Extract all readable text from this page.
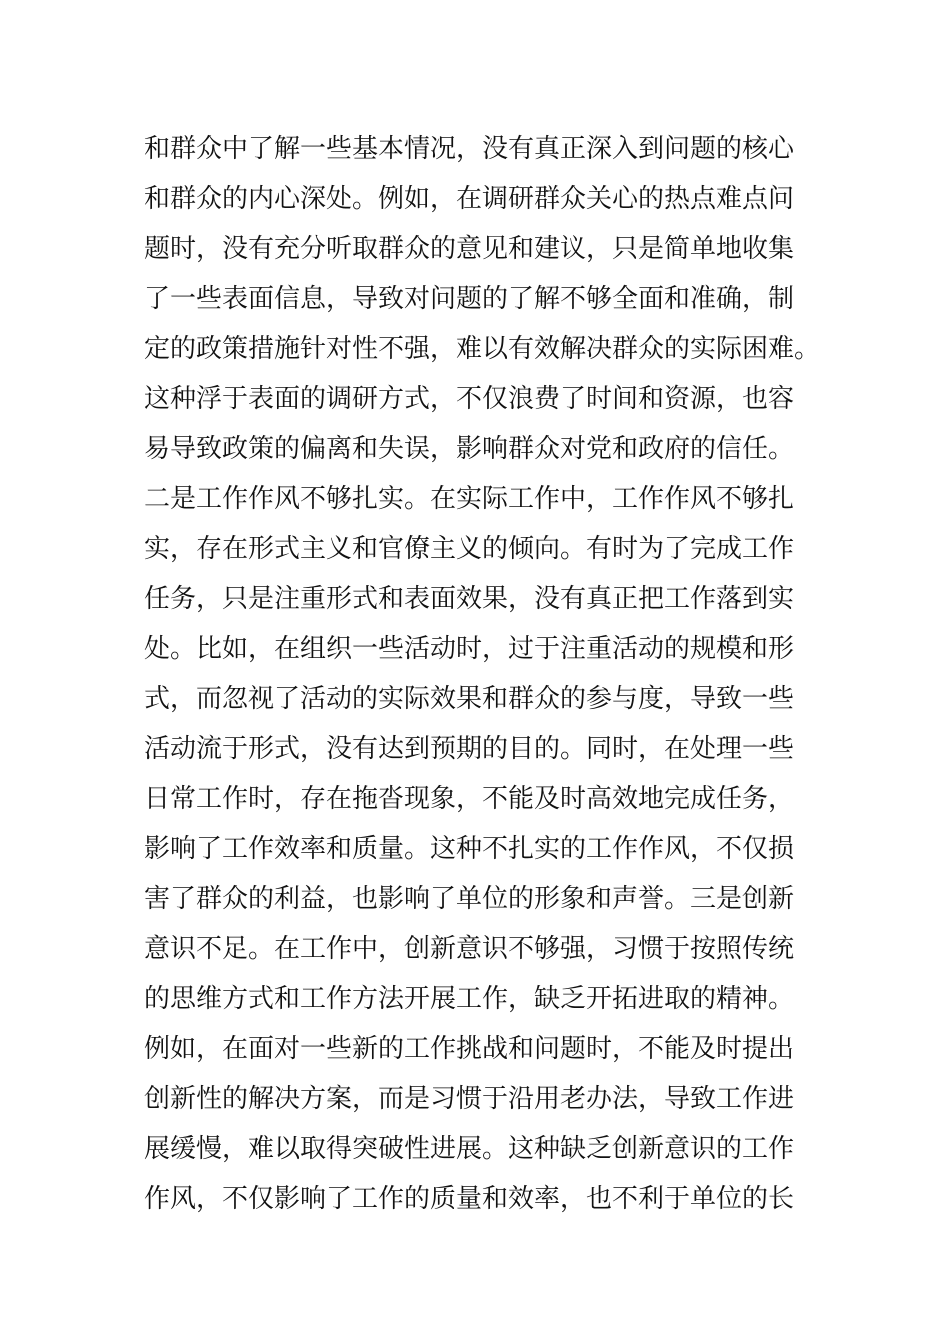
和群众中了解一些基本情况，没有真正深入到问题的核心
和群众的内心深处。例如，在调研群众关心的热点难点问
题时，没有充分听取群众的意见和建议，只是简单地收集
了一些表面信息，导致对问题的了解不够全面和准确，制
定的政策措施针对性不强，难以有效解决群众的实际困难。
这种浮于表面的调研方式，不仅浪费了时间和资源，也容
易导致政策的偏离和失误，影响群众对党和政府的信任。
二是工作作风不够扎实。在实际工作中，工作作风不够扎
实，存在形式主义和官僚主义的倾向。有时为了完成工作
任务，只是注重形式和表面效果，没有真正把工作落到实
处。比如，在组织一些活动时，过于注重活动的规模和形
式，而忽视了活动的实际效果和群众的参与度，导致一些
活动流于形式，没有达到预期的目的。同时，在处理一些
日常工作时，存在拖沓现象，不能及时高效地完成任务，
影响了工作效率和质量。这种不扎实的工作作风，不仅损
害了群众的利益，也影响了单位的形象和声誉。三是创新
意识不足。在工作中，创新意识不够强，习惯于按照传统
的思维方式和工作方法开展工作，缺乏开拓进取的精神。
例如，在面对一些新的工作挑战和问题时，不能及时提出
创新性的解决方案，而是习惯于沿用老办法，导致工作进
展缓慢，难以取得突破性进展。这种缺乏创新意识的工作
作风，不仅影响了工作的质量和效率，也不利于单位的长
